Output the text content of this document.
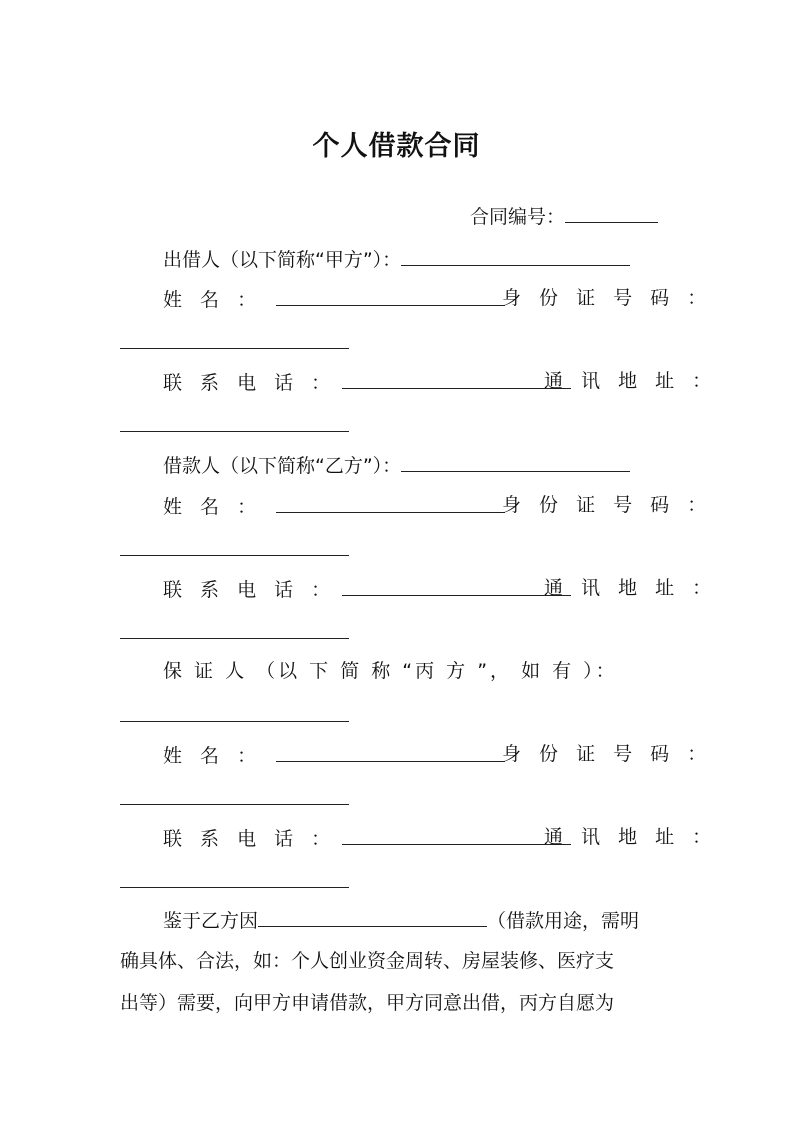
个人借款合同
合同编号：
出借人（以下简称“甲方”）：
姓 名 ：	身 份 证 号 码 ：
联 系 电 话 ：	通 讯 地 址 ：
借款人（以下简称“乙方”）：
姓 名 ：	身 份 证 号 码 ：
联 系 电 话 ：	通 讯 地 址 ：
保 证 人 （以 下 简 称 “丙 方 ”， 如 有 ）：
姓 名 ：	身 份 证 号 码 ：
联 系 电 话 ：	通 讯 地 址 ：
鉴于乙方因	（借款用途，需明
确具体、合法，如：个人创业资金周转、房屋装修、医疗支
出等）需要，向甲方申请借款，甲方同意出借，丙方自愿为
